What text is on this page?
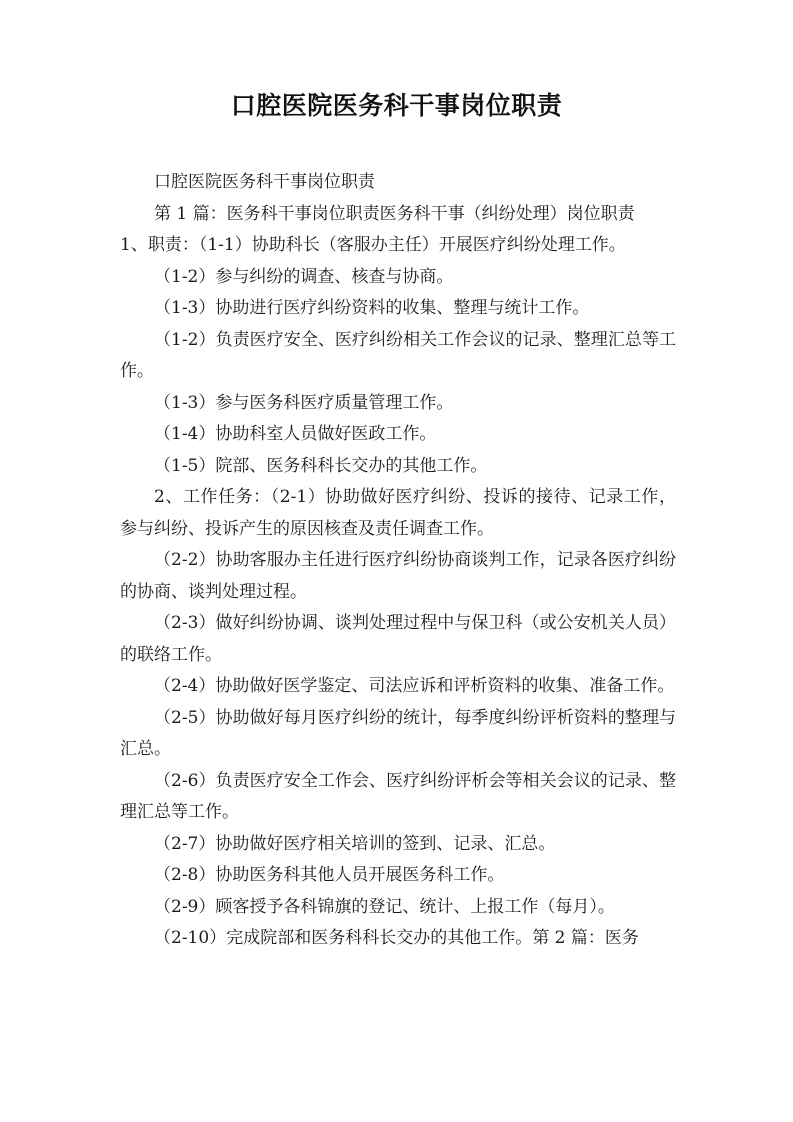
口腔医院医务科干事岗位职责

口腔医院医务科干事岗位职责

第 1 篇：医务科干事岗位职责医务科干事（纠纷处理）岗位职责

1、职责：（1-1）协助科长（客服办主任）开展医疗纠纷处理工作。

（1-2）参与纠纷的调查、核查与协商。

（1-3）协助进行医疗纠纷资料的收集、整理与统计工作。

（1-2）负责医疗安全、医疗纠纷相关工作会议的记录、整理汇总等工作。

（1-3）参与医务科医疗质量管理工作。

（1-4）协助科室人员做好医政工作。

（1-5）院部、医务科科长交办的其他工作。

2、工作任务：（2-1）协助做好医疗纠纷、投诉的接待、记录工作，参与纠纷、投诉产生的原因核查及责任调查工作。

（2-2）协助客服办主任进行医疗纠纷协商谈判工作，记录各医疗纠纷的协商、谈判处理过程。

（2-3）做好纠纷协调、谈判处理过程中与保卫科（或公安机关人员）的联络工作。

（2-4）协助做好医学鉴定、司法应诉和评析资料的收集、准备工作。

（2-5）协助做好每月医疗纠纷的统计，每季度纠纷评析资料的整理与汇总。

（2-6）负责医疗安全工作会、医疗纠纷评析会等相关会议的记录、整理汇总等工作。

（2-7）协助做好医疗相关培训的签到、记录、汇总。

（2-8）协助医务科其他人员开展医务科工作。

（2-9）顾客授予各科锦旗的登记、统计、上报工作（每月）。

（2-10）完成院部和医务科科长交办的其他工作。第 2 篇：医务
